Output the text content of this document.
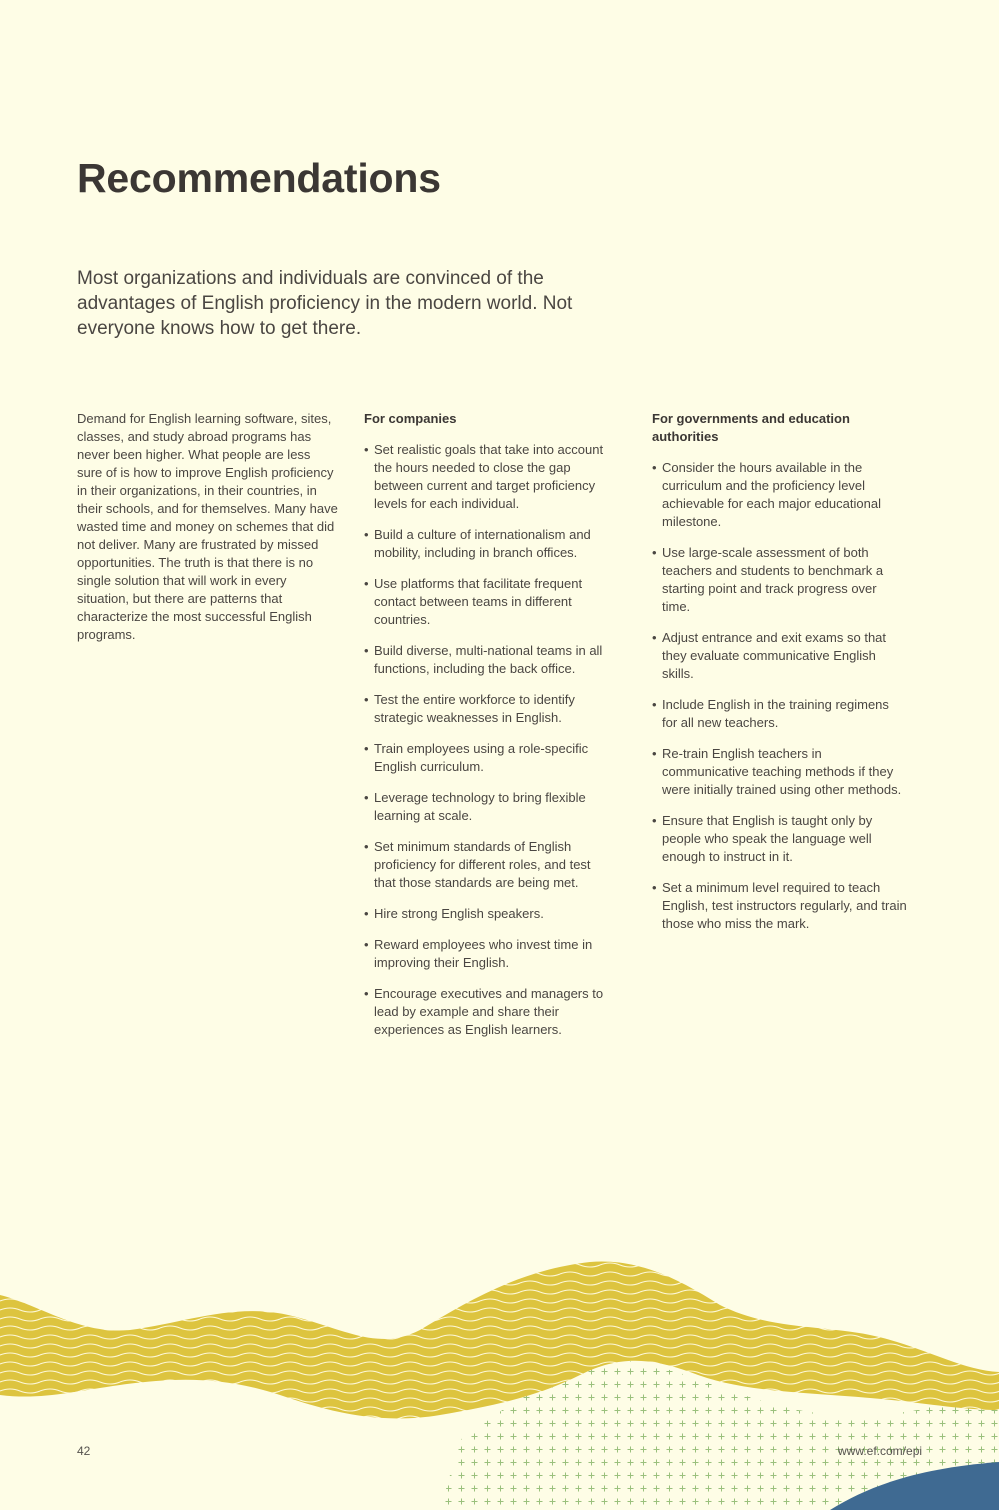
Recommendations

Most organizations and individuals are convinced of the advantages of English proficiency in the modern world. Not everyone knows how to get there.

Demand for English learning software, sites, classes, and study abroad programs has never been higher. What people are less sure of is how to improve English proficiency in their organizations, in their countries, in their schools, and for themselves. Many have wasted time and money on schemes that did not deliver. Many are frustrated by missed opportunities. The truth is that there is no single solution that will work in every situation, but there are patterns that characterize the most successful English programs.

For companies
• Set realistic goals that take into account the hours needed to close the gap between current and target proficiency levels for each individual.
• Build a culture of internationalism and mobility, including in branch offices.
• Use platforms that facilitate frequent contact between teams in different countries.
• Build diverse, multi-national teams in all functions, including the back office.
• Test the entire workforce to identify strategic weaknesses in English.
• Train employees using a role-specific English curriculum.
• Leverage technology to bring flexible learning at scale.
• Set minimum standards of English proficiency for different roles, and test that those standards are being met.
• Hire strong English speakers.
• Reward employees who invest time in improving their English.
• Encourage executives and managers to lead by example and share their experiences as English learners.
For governments and education authorities
• Consider the hours available in the curriculum and the proficiency level achievable for each major educational milestone.
• Use large-scale assessment of both teachers and students to benchmark a starting point and track progress over time.
• Adjust entrance and exit exams so that they evaluate communicative English skills.
• Include English in the training regimens for all new teachers.
• Re-train English teachers in communicative teaching methods if they were initially trained using other methods.
• Ensure that English is taught only by people who speak the language well enough to instruct in it.
• Set a minimum level required to teach English, test instructors regularly, and train those who miss the mark.
42	www.ef.com/epi
